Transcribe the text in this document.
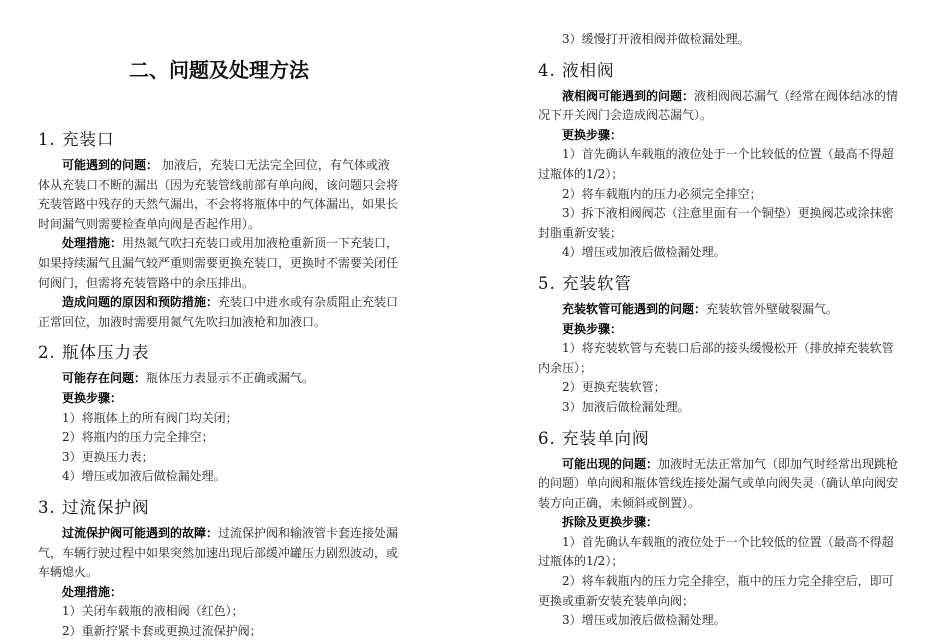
二、问题及处理方法
1. 充装口

可能遇到的问题： 加液后，充装口无法完全回位，有气体或液体从充装口不断的漏出（因为充装管线前部有单向阀，该问题只会将充装管路中残存的天然气漏出，不会将将瓶体中的气体漏出，如果长时间漏气则需要检查单向阀是否起作用）。

处理措施：用热氮气吹扫充装口或用加液枪重新顶一下充装口，如果持续漏气且漏气较严重则需要更换充装口，更换时不需要关闭任何阀门，但需将充装管路中的余压排出。

造成问题的原因和预防措施：充装口中进水或有杂质阻止充装口正常回位，加液时需要用氮气先吹扫加液枪和加液口。

2. 瓶体压力表

可能存在问题：瓶体压力表显示不正确或漏气。

更换步骤：

1）将瓶体上的所有阀门均关闭；

2）将瓶内的压力完全排空；

3）更换压力表；

4）增压或加液后做检漏处理。

3. 过流保护阀

过流保护阀可能遇到的故障：过流保护阀和输液管卡套连接处漏气，车辆行驶过程中如果突然加速出现后部缓冲罐压力剧烈波动，或车辆熄火。

处理措施：

1）关闭车载瓶的液相阀（红色）；

2）重新拧紧卡套或更换过流保护阀；

3）缓慢打开液相阀并做检漏处理。

4. 液相阀

液相阀可能遇到的问题：液相阀阀芯漏气（经常在阀体结冰的情况下开关阀门会造成阀芯漏气）。

更换步骤：

1）首先确认车载瓶的液位处于一个比较低的位置（最高不得超过瓶体的1/2）；

2）将车载瓶内的压力必须完全排空；

3）拆下液相阀阀芯（注意里面有一个铜垫）更换阀芯或涂抹密封脂重新安装；

4）增压或加液后做检漏处理。

5. 充装软管

充装软管可能遇到的问题：充装软管外壁破裂漏气。

更换步骤：

1）将充装软管与充装口后部的接头缓慢松开（排放掉充装软管内余压）；

2）更换充装软管；

3）加液后做检漏处理。

6. 充装单向阀

可能出现的问题：加液时无法正常加气（即加气时经常出现跳枪的问题）单向阀和瓶体管线连接处漏气或单向阀失灵（确认单向阀安装方向正确，未倾斜或倒置）。

拆除及更换步骤：

1）首先确认车载瓶的液位处于一个比较低的位置（最高不得超过瓶体的1/2）；

2）将车载瓶内的压力完全排空，瓶中的压力完全排空后，即可更换或重新安装充装单向阀；

3）增压或加液后做检漏处理。
